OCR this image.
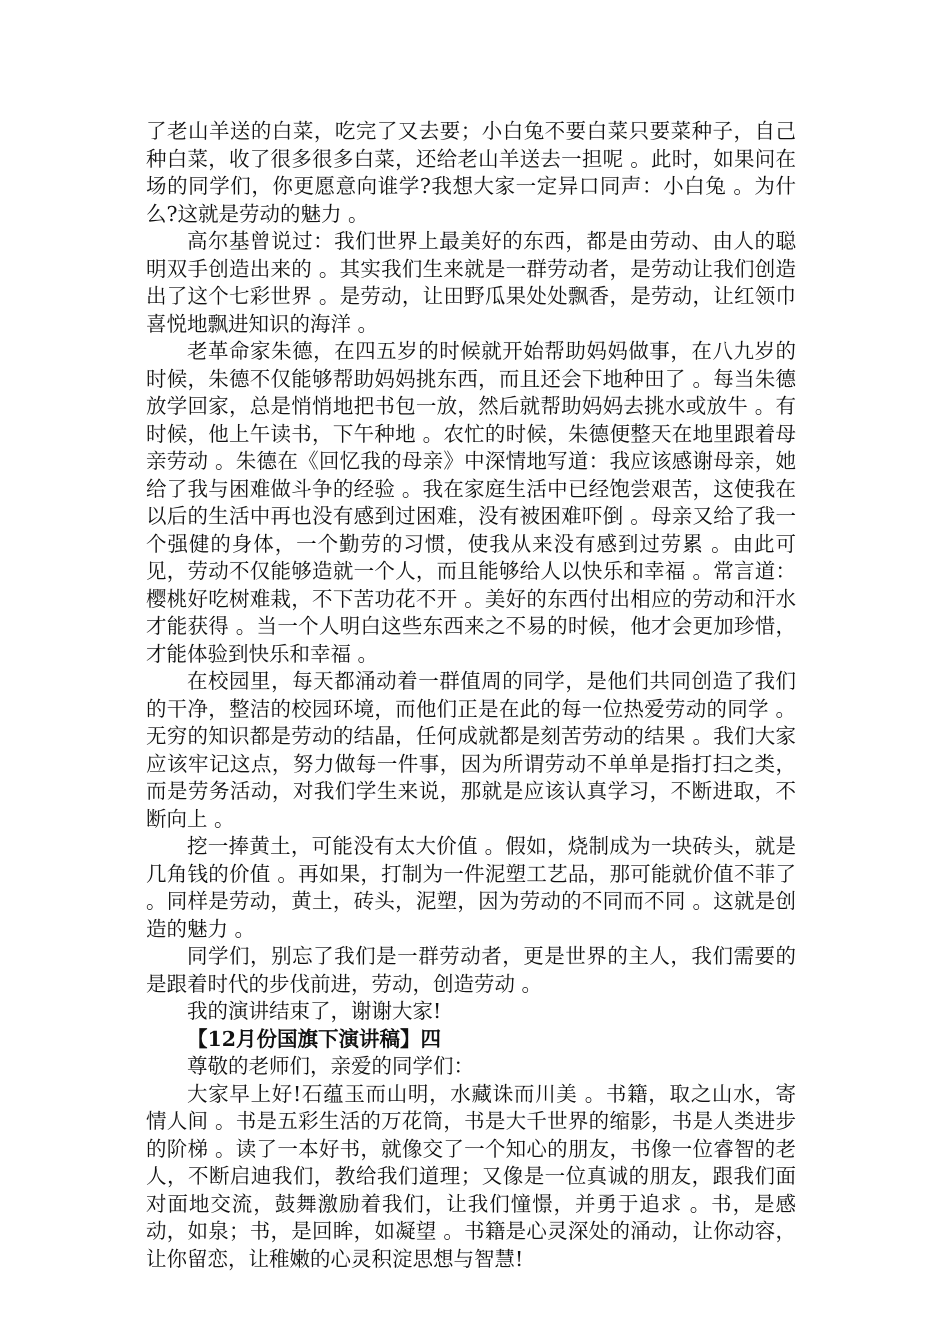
了老山羊送的白菜，吃完了又去要；小白兔不要白菜只要菜种子，自己种白菜，收了很多很多白菜，还给老山羊送去一担呢 。此时，如果问在场的同学们，你更愿意向谁学?我想大家一定异口同声：小白兔 。为什么?这就是劳动的魅力 。

高尔基曾说过：我们世界上最美好的东西，都是由劳动、由人的聪明双手创造出来的 。其实我们生来就是一群劳动者，是劳动让我们创造出了这个七彩世界 。是劳动，让田野瓜果处处飘香，是劳动，让红领巾喜悦地飘进知识的海洋 。

老革命家朱德，在四五岁的时候就开始帮助妈妈做事，在八九岁的时候，朱德不仅能够帮助妈妈挑东西，而且还会下地种田了 。每当朱德放学回家，总是悄悄地把书包一放，然后就帮助妈妈去挑水或放牛 。有时候，他上午读书，下午种地 。农忙的时候，朱德便整天在地里跟着母亲劳动 。朱德在《回忆我的母亲》中深情地写道：我应该感谢母亲，她给了我与困难做斗争的经验 。我在家庭生活中已经饱尝艰苦，这使我在以后的生活中再也没有感到过困难，没有被困难吓倒 。母亲又给了我一个强健的身体，一个勤劳的习惯，使我从来没有感到过劳累 。由此可见，劳动不仅能够造就一个人，而且能够给人以快乐和幸福 。常言道：樱桃好吃树难栽，不下苦功花不开 。美好的东西付出相应的劳动和汗水才能获得 。当一个人明白这些东西来之不易的时候，他才会更加珍惜，才能体验到快乐和幸福 。

在校园里，每天都涌动着一群值周的同学，是他们共同创造了我们的干净，整洁的校园环境，而他们正是在此的每一位热爱劳动的同学 。无穷的知识都是劳动的结晶，任何成就都是刻苦劳动的结果 。我们大家应该牢记这点，努力做每一件事，因为所谓劳动不单单是指打扫之类，而是劳务活动，对我们学生来说，那就是应该认真学习，不断进取，不断向上 。

挖一捧黄土，可能没有太大价值 。假如，烧制成为一块砖头，就是几角钱的价值 。再如果，打制为一件泥塑工艺品，那可能就价值不菲了 。同样是劳动，黄土，砖头，泥塑，因为劳动的不同而不同 。这就是创造的魅力 。

同学们，别忘了我们是一群劳动者，更是世界的主人，我们需要的是跟着时代的步伐前进，劳动，创造劳动 。

我的演讲结束了，谢谢大家!

【12月份国旗下演讲稿】四

尊敬的老师们，亲爱的同学们：

大家早上好!石蕴玉而山明，水藏诛而川美 。书籍，取之山水，寄情人间 。书是五彩生活的万花筒，书是大千世界的缩影，书是人类进步的阶梯 。读了一本好书，就像交了一个知心的朋友，书像一位睿智的老人，不断启迪我们，教给我们道理；又像是一位真诚的朋友，跟我们面对面地交流，鼓舞激励着我们，让我们憧憬，并勇于追求 。书，是感动，如泉；书，是回眸，如凝望 。书籍是心灵深处的涌动，让你动容，让你留恋，让稚嫩的心灵积淀思想与智慧!
